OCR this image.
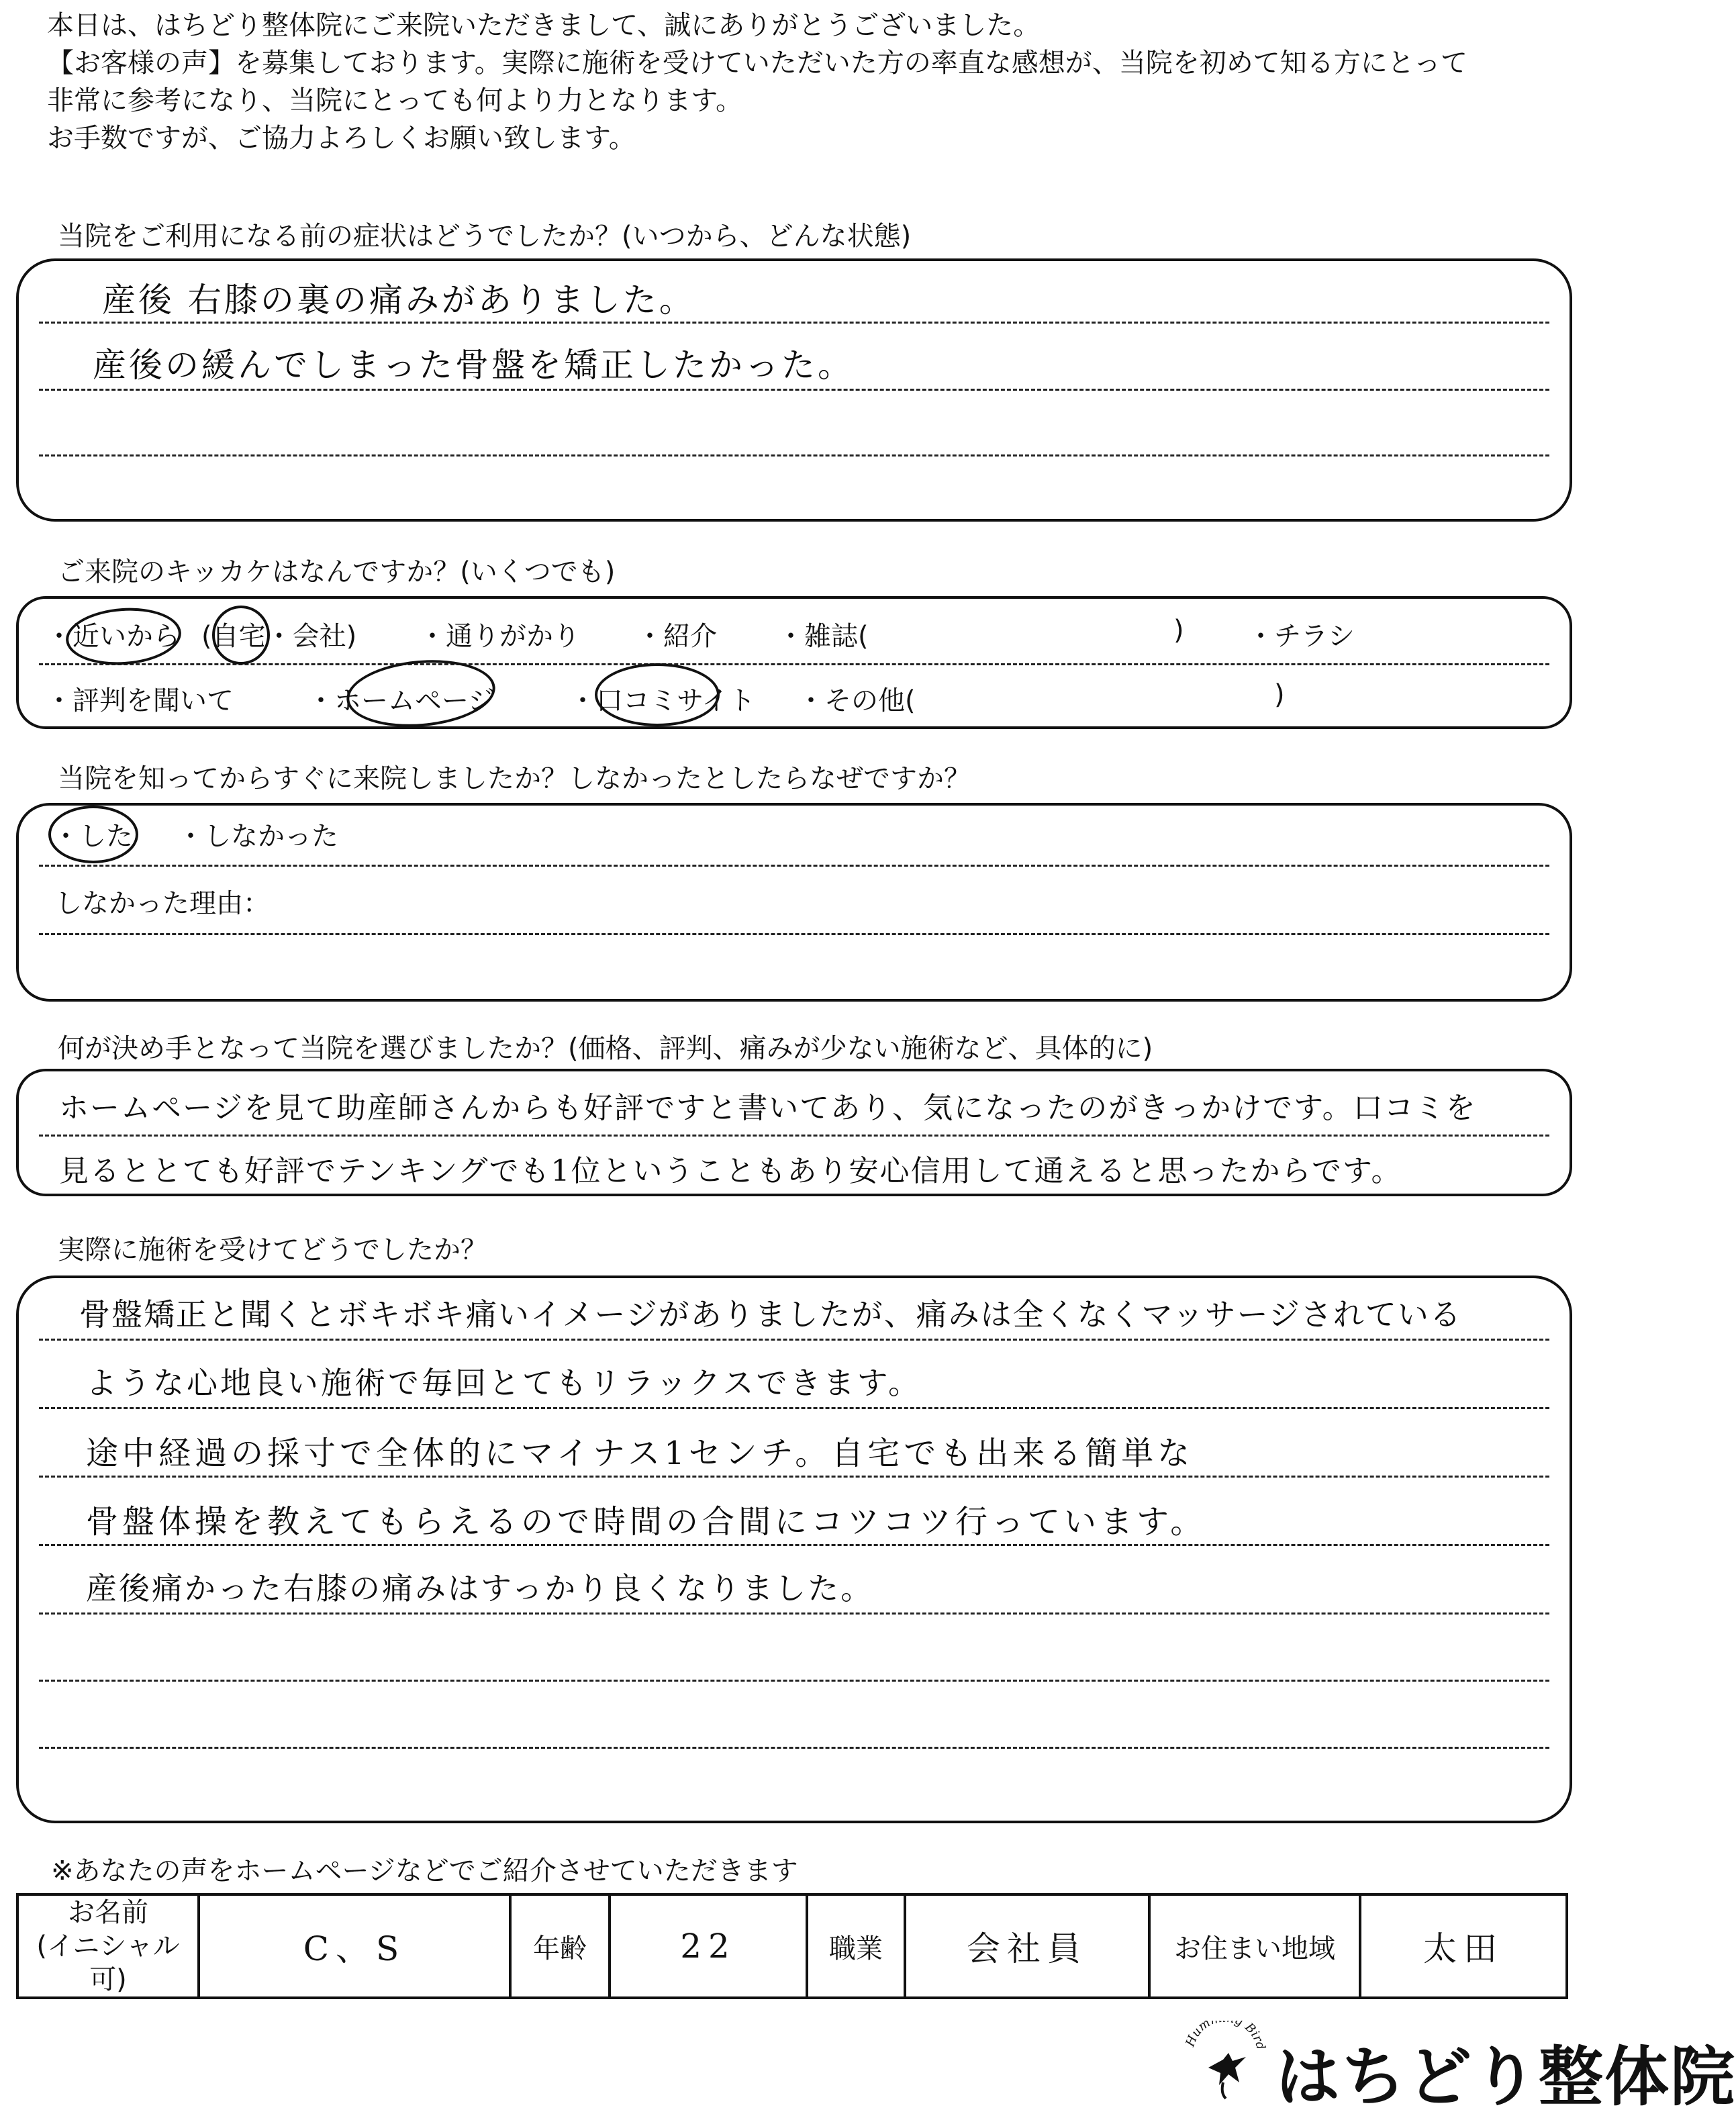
本日は、はちどり整体院にご来院いただきまして、誠にありがとうございました。
【お客様の声】を募集しております。実際に施術を受けていただいた方の率直な感想が、当院を初めて知る方にとって
非常に参考になり、当院にとっても何より力となります。
お手数ですが、ご協力よろしくお願い致します。
当院をご利用になる前の症状はどうでしたか？(いつから、どんな状態)
産後 右膝の裏の痛みがありました。
産後の緩んでしまった骨盤を矯正したかった。
ご来院のキッカケはなんですか？(いくつでも)
・近いから (自宅・会社) ・通りがかり ・紹介 ・雑誌(	) ・チラシ
・評判を聞いて	・ホームページ	・口コミサイト ・その他(	)
当院を知ってからすぐに来院しましたか？しなかったとしたらなぜですか？
・した ・しなかった
しなかった理由：
何が決め手となって当院を選びましたか？(価格、評判、痛みが少ない施術など、具体的に)
ホームページを見て助産師さんからも好評ですと書いてあり、気になったのがきっかけです。口コミを
見るととても好評でテンキングでも1位ということもあり安心信用して通えると思ったからです。
実際に施術を受けてどうでしたか？
骨盤矯正と聞くとボキボキ痛いイメージがありましたが、痛みは全くなくマッサージされている
ような心地良い施術で毎回とてもリラックスできます。
途中経過の採寸で全体的にマイナス1センチ。自宅でも出来る簡単な
骨盤体操を教えてもらえるので時間の合間にコツコツ行っています。
産後痛かった右膝の痛みはすっかり良くなりました。
※あなたの声をホームページなどでご紹介させていただきます
お名前
(イニシャル可)
	C、S	年齢	22	職業	会社員	お住まい地域	太田
Hum g Bird はちどり整体院
